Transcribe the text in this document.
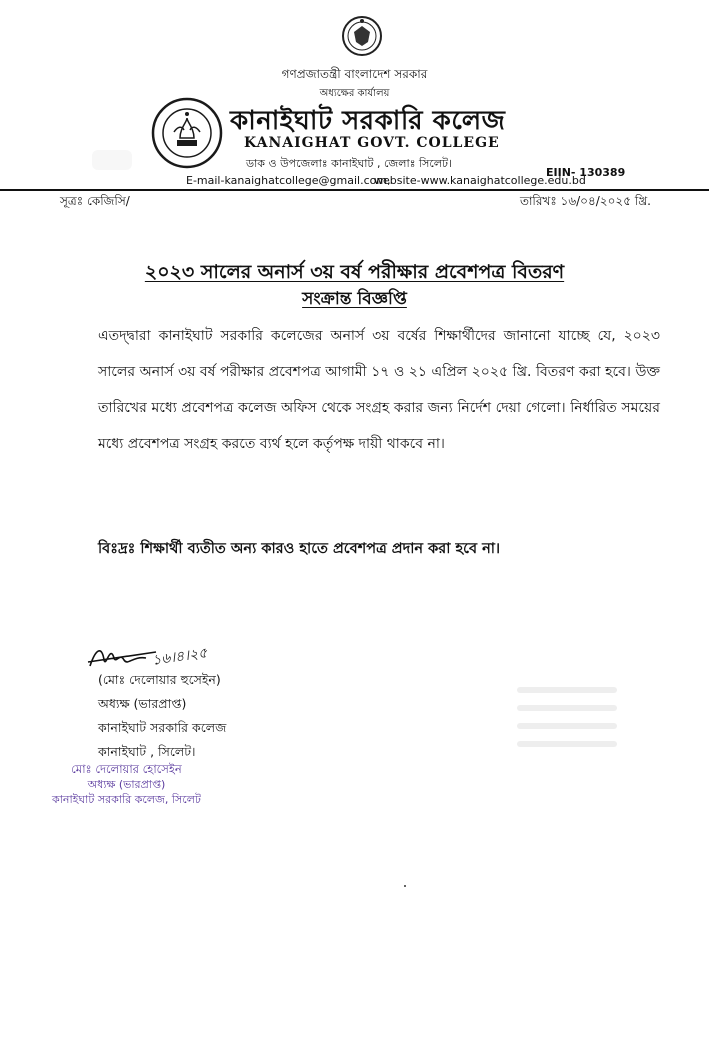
গণপ্রজাতন্ত্রী বাংলাদেশ সরকার
অধ্যক্ষের কার্যালয়
কানাইঘাট সরকারি কলেজ
KANAIGHAT GOVT. COLLEGE
ডাক ও উপজেলাঃ কানাইঘাট , জেলাঃ সিলেট।
EIIN- 130389
E-mail-kanaighatcollege@gmail.com,
website-www.kanaighatcollege.edu.bd
সূত্রঃ কেজিসি/	তারিখঃ ১৬/০৪/২০২৫ খ্রি.
২০২৩ সালের অনার্স ৩য় বর্ষ পরীক্ষার প্রবেশপত্র বিতরণ
সংক্রান্ত বিজ্ঞপ্তি
এতদ্দ্বারা কানাইঘাট সরকারি কলেজের অনার্স ৩য় বর্ষের শিক্ষার্থীদের জানানো যাচ্ছে যে, ২০২৩ সালের অনার্স ৩য় বর্ষ পরীক্ষার প্রবেশপত্র আগামী ১৭ ও ২১ এপ্রিল ২০২৫ খ্রি. বিতরণ করা হবে। উক্ত তারিখের মধ্যে প্রবেশপত্র কলেজ অফিস থেকে সংগ্রহ করার জন্য নির্দেশ দেয়া গেলো। নির্ধারিত সময়ের মধ্যে প্রবেশপত্র সংগ্রহ করতে ব্যর্থ হলে কর্তৃপক্ষ দায়ী থাকবে না।
বিঃদ্রঃ শিক্ষার্থী ব্যতীত অন্য কারও হাতে প্রবেশপত্র প্রদান করা হবে না।
১৬।৪।২৫
(মোঃ দেলোয়ার হুসেইন)
অধ্যক্ষ (ভারপ্রাপ্ত)
কানাইঘাট সরকারি কলেজ
কানাইঘাট , সিলেট।
মোঃ দেলোয়ার হোসেইন
অধ্যক্ষ (ভারপ্রাপ্ত)
কানাইঘাট সরকারি কলেজ, সিলেট
